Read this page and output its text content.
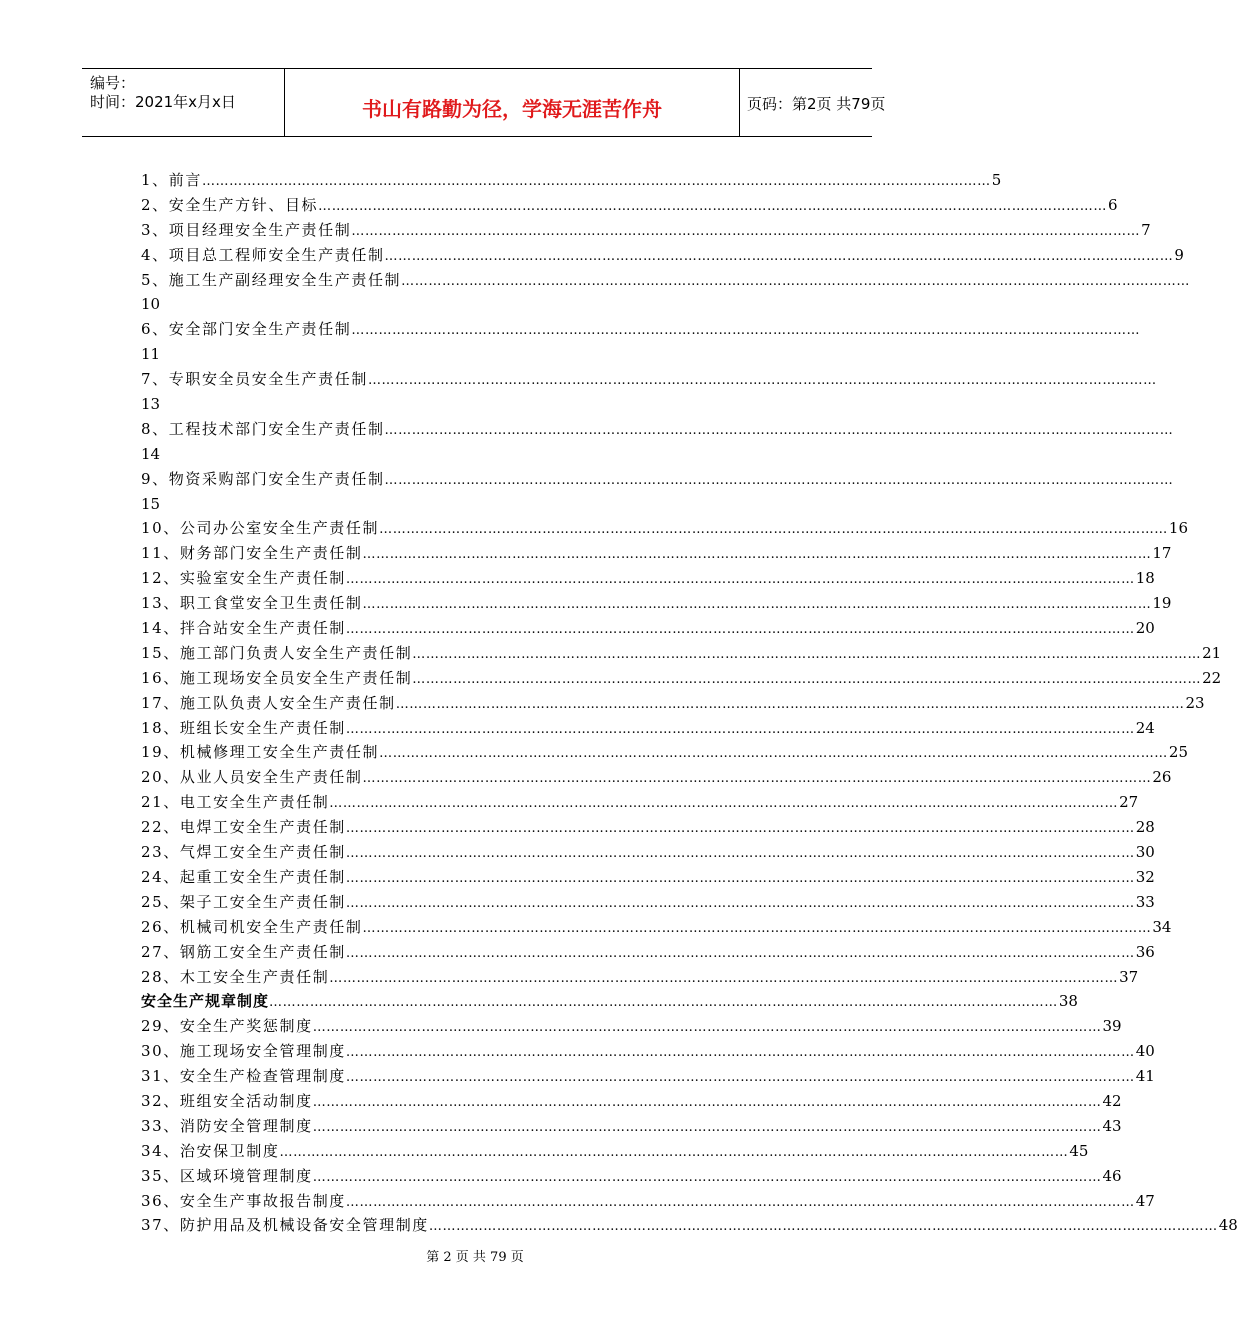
编号：
时间：2021年x月x日	书山有路勤为径，学海无涯苦作舟	页码：第2页 共79页
1、前言 ………………………………………………………………………………………………………………………………………………………… 5
2、安全生产方针、目标 ………………………………………………………………………………………………………………………………………………………… 6
3、项目经理安全生产责任制 ………………………………………………………………………………………………………………………………………………………… 7
4、项目总工程师安全生产责任制 ………………………………………………………………………………………………………………………………………………………… 9
5、施工生产副经理安全生产责任制 …………………………………………………………………………………………………………………………………………………………
10
6、安全部门安全生产责任制 …………………………………………………………………………………………………………………………………………………………
11
7、专职安全员安全生产责任制 …………………………………………………………………………………………………………………………………………………………
13
8、工程技术部门安全生产责任制 …………………………………………………………………………………………………………………………………………………………
14
9、物资采购部门安全生产责任制 …………………………………………………………………………………………………………………………………………………………
15
10、公司办公室安全生产责任制 ………………………………………………………………………………………………………………………………………………………… 16
11、财务部门安全生产责任制 ………………………………………………………………………………………………………………………………………………………… 17
12、实验室安全生产责任制 ………………………………………………………………………………………………………………………………………………………… 18
13、职工食堂安全卫生责任制 ………………………………………………………………………………………………………………………………………………………… 19
14、拌合站安全生产责任制 ………………………………………………………………………………………………………………………………………………………… 20
15、施工部门负责人安全生产责任制 ………………………………………………………………………………………………………………………………………………………… 21
16、施工现场安全员安全生产责任制 ………………………………………………………………………………………………………………………………………………………… 22
17、施工队负责人安全生产责任制 ………………………………………………………………………………………………………………………………………………………… 23
18、班组长安全生产责任制 ………………………………………………………………………………………………………………………………………………………… 24
19、机械修理工安全生产责任制 ………………………………………………………………………………………………………………………………………………………… 25
20、从业人员安全生产责任制 ………………………………………………………………………………………………………………………………………………………… 26
21、电工安全生产责任制 ………………………………………………………………………………………………………………………………………………………… 27
22、电焊工安全生产责任制 ………………………………………………………………………………………………………………………………………………………… 28
23、气焊工安全生产责任制 ………………………………………………………………………………………………………………………………………………………… 30
24、起重工安全生产责任制 ………………………………………………………………………………………………………………………………………………………… 32
25、架子工安全生产责任制 ………………………………………………………………………………………………………………………………………………………… 33
26、机械司机安全生产责任制 ………………………………………………………………………………………………………………………………………………………… 34
27、钢筋工安全生产责任制 ………………………………………………………………………………………………………………………………………………………… 36
28、木工安全生产责任制 ………………………………………………………………………………………………………………………………………………………… 37
安全生产规章制度 ………………………………………………………………………………………………………………………………………………………… 38
29、安全生产奖惩制度 ………………………………………………………………………………………………………………………………………………………… 39
30、施工现场安全管理制度 ………………………………………………………………………………………………………………………………………………………… 40
31、安全生产检查管理制度 ………………………………………………………………………………………………………………………………………………………… 41
32、班组安全活动制度 ………………………………………………………………………………………………………………………………………………………… 42
33、消防安全管理制度 ………………………………………………………………………………………………………………………………………………………… 43
34、治安保卫制度 ………………………………………………………………………………………………………………………………………………………… 45
35、区域环境管理制度 ………………………………………………………………………………………………………………………………………………………… 46
36、安全生产事故报告制度 ………………………………………………………………………………………………………………………………………………………… 47
37、防护用品及机械设备安全管理制度 ………………………………………………………………………………………………………………………………………………………… 48
第 2 页 共 79 页
